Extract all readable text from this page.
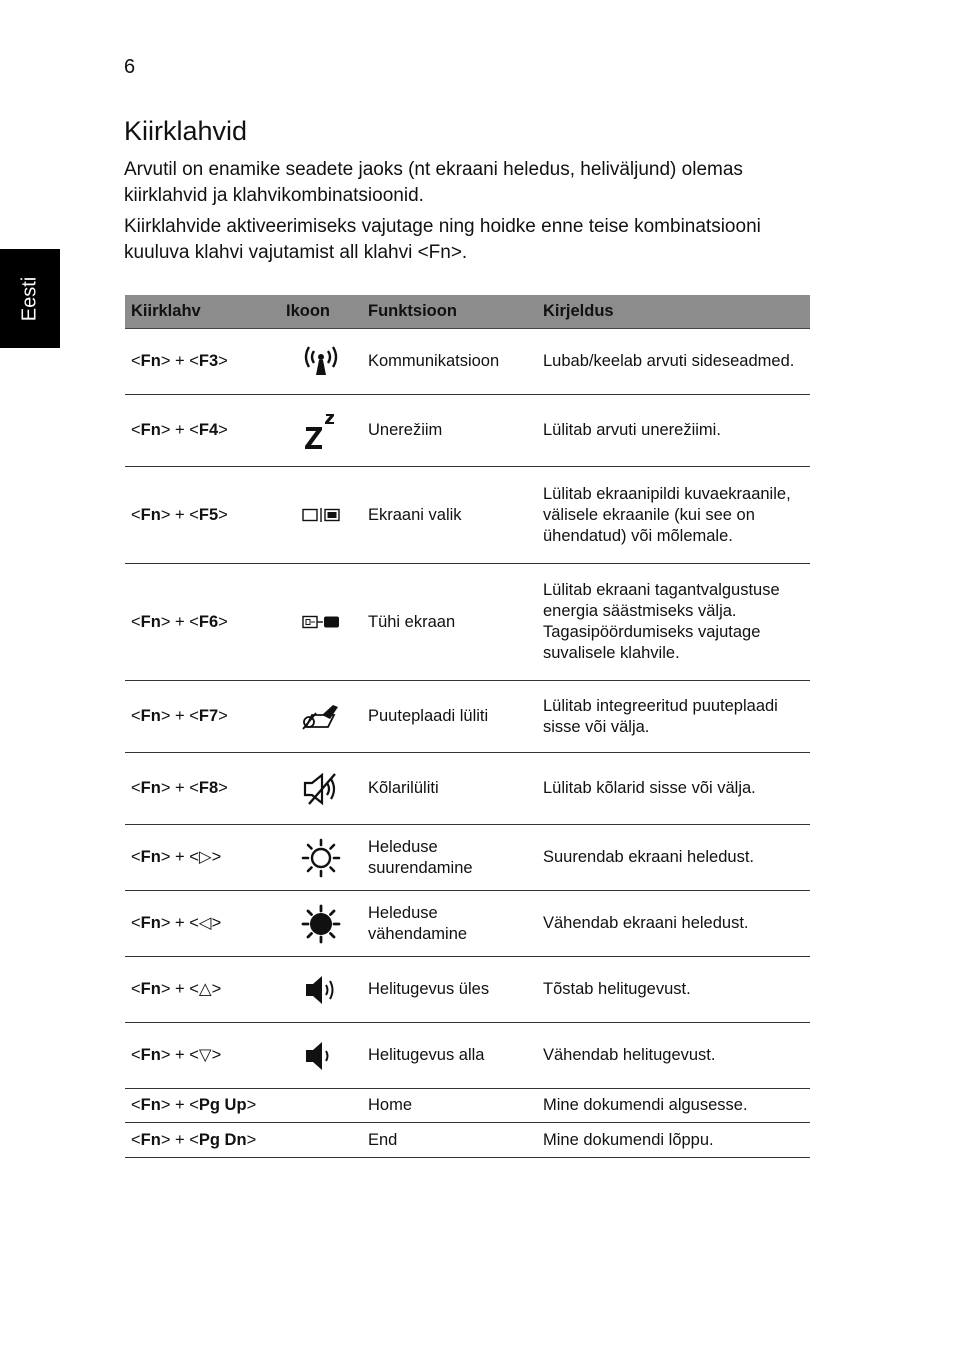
6
Eesti
Kiirklahvid

Arvutil on enamike seadete jaoks (nt ekraani heledus, heliväljund) olemas kiirklahvid ja klahvikombinatsioonid.

Kiirklahvide aktiveerimiseks vajutage ning hoidke enne teise kombinatsiooni kuuluva klahvi vajutamist all klahvi <Fn>.

Kiirklahv	Ikoon	Funktsioon	Kirjeldus
<Fn> + <F3>		Kommunikatsioon	Lubab/keelab arvuti sideseadmed.
<Fn> + <F4>		Unerežiim	Lülitab arvuti unerežiimi.
<Fn> + <F5>		Ekraani valik	Lülitab ekraanipildi kuvaekraanile, välisele ekraanile (kui see on ühendatud) või mõlemale.
<Fn> + <F6>		Tühi ekraan	Lülitab ekraani tagantvalgustuse energia säästmiseks välja. Tagasipöördumiseks vajutage suvalisele klahvile.
<Fn> + <F7>		Puuteplaadi lüliti	Lülitab integreeritud puuteplaadi sisse või välja.
<Fn> + <F8>		Kõlarilüliti	Lülitab kõlarid sisse või välja.
<Fn> + <▷>		Heleduse suurendamine	Suurendab ekraani heledust.
<Fn> + <◁>		Heleduse vähendamine	Vähendab ekraani heledust.
<Fn> + <△>		Helitugevus üles	Tõstab helitugevust.
<Fn> + <▽>		Helitugevus alla	Vähendab helitugevust.
<Fn> + <Pg Up>		Home	Mine dokumendi algusesse.
<Fn> + <Pg Dn>		End	Mine dokumendi lõppu.
